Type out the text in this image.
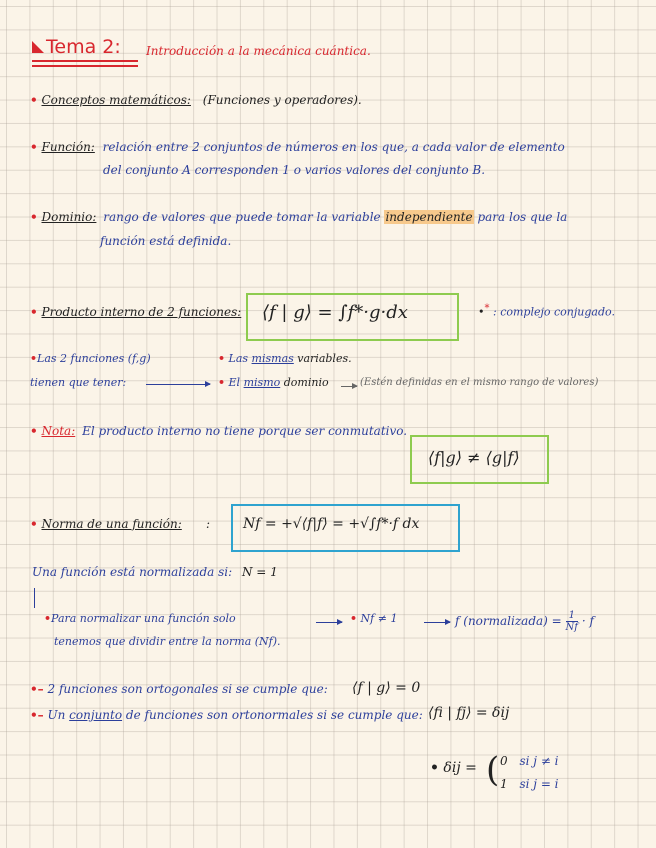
Tema 2: Introducción a la mecánica cuántica.
• Conceptos matemáticos: (Funciones y operadores).
• Función: relación entre 2 conjuntos de números en los que, a cada valor de elemento
del conjunto A corresponden 1 o varios valores del conjunto B.
• Dominio: rango de valores que puede tomar la variable independiente para los que la
función está definida.
• Producto interno de 2 funciones: ⟨f | g⟩ = ∫f*·g·dx	•* : complejo conjugado.
•Las 2 funciones (f,g)
tienen que tener:
• Las mismas variables.
• El mismo dominio	(Estén definidas en el mismo rango de valores)
• Nota: El producto interno no tiene porque ser conmutativo.
⟨f|g⟩ ≠ ⟨g|f⟩
• Norma de una función: : Nf = +√⟨f|f⟩ = +√∫f*·f dx
Una función está normalizada si: N = 1
•Para normalizar una función solo
tenemos que dividir entre la norma (Nf).
• Nf ≠ 1	f (normalizada) = $\frac{1}{Nf} \cdot f$
•– 2 funciones son ortogonales si se cumple que: ⟨f | g⟩ = 0
•– Un conjunto de funciones son ortonormales si se cumple que: ⟨fi | fj⟩ = δij
• δij = ( 0 si j ≠ i
1 si j = i
